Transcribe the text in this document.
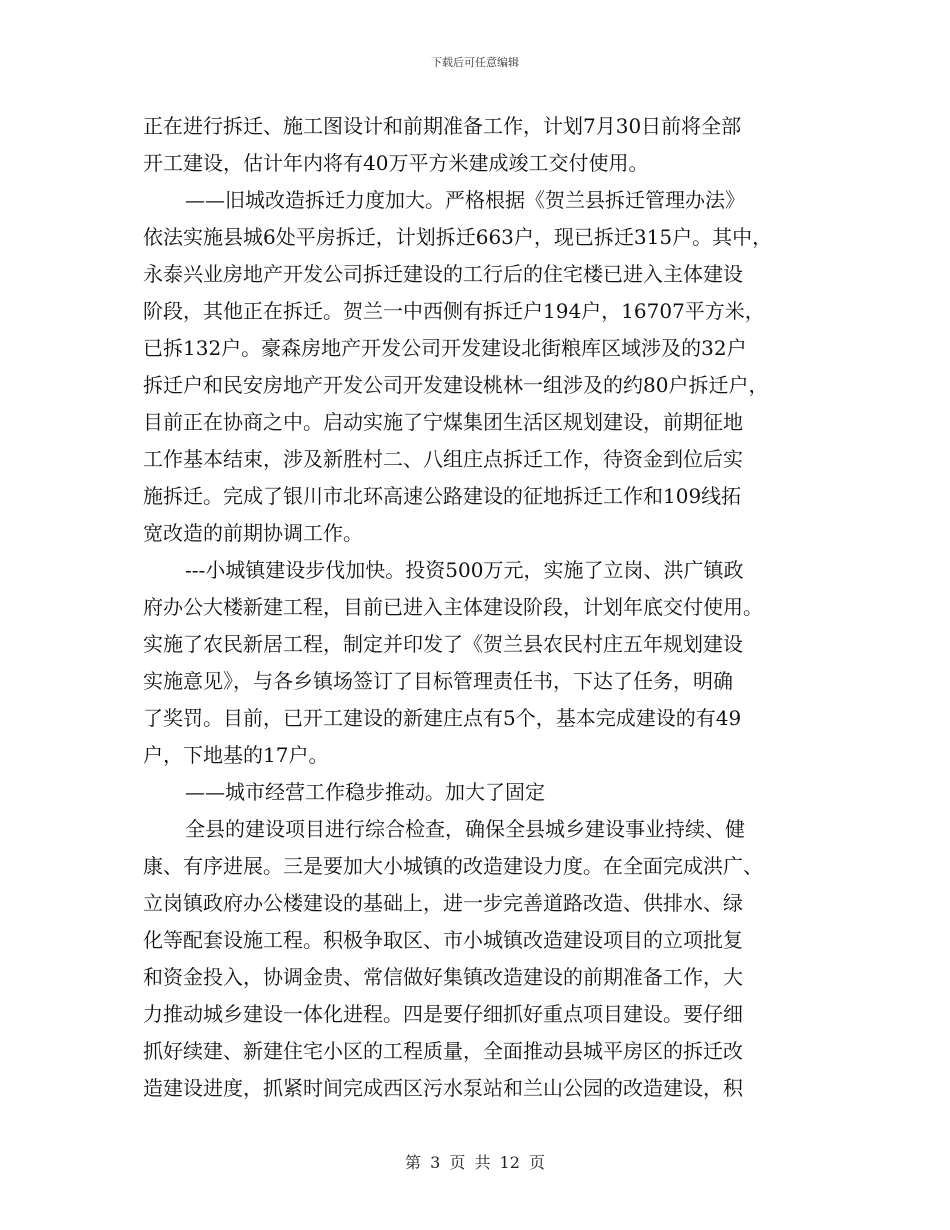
下载后可任意编辑
正在进行拆迁、施工图设计和前期准备工作，计划7月30日前将全部
开工建设，估计年内将有40万平方米建成竣工交付使用。
——旧城改造拆迁力度加大。严格根据《贺兰县拆迁管理办法》
依法实施县城6处平房拆迁，计划拆迁663户，现已拆迁315户。其中，
永泰兴业房地产开发公司拆迁建设的工行后的住宅楼已进入主体建设
阶段，其他正在拆迁。贺兰一中西侧有拆迁户194户，16707平方米，
已拆132户。豪森房地产开发公司开发建设北街粮库区域涉及的32户
拆迁户和民安房地产开发公司开发建设桃林一组涉及的约80户拆迁户，
目前正在协商之中。启动实施了宁煤集团生活区规划建设，前期征地
工作基本结束，涉及新胜村二、八组庄点拆迁工作，待资金到位后实
施拆迁。完成了银川市北环高速公路建设的征地拆迁工作和109线拓
宽改造的前期协调工作。
---小城镇建设步伐加快。投资500万元，实施了立岗、洪广镇政
府办公大楼新建工程，目前已进入主体建设阶段，计划年底交付使用。
实施了农民新居工程，制定并印发了《贺兰县农民村庄五年规划建设
实施意见》，与各乡镇场签订了目标管理责任书，下达了任务，明确
了奖罚。目前，已开工建设的新建庄点有5个，基本完成建设的有49
户，下地基的17户。
——城市经营工作稳步推动。加大了固定
全县的建设项目进行综合检查，确保全县城乡建设事业持续、健
康、有序进展。三是要加大小城镇的改造建设力度。在全面完成洪广、
立岗镇政府办公楼建设的基础上，进一步完善道路改造、供排水、绿
化等配套设施工程。积极争取区、市小城镇改造建设项目的立项批复
和资金投入，协调金贵、常信做好集镇改造建设的前期准备工作，大
力推动城乡建设一体化进程。四是要仔细抓好重点项目建设。要仔细
抓好续建、新建住宅小区的工程质量，全面推动县城平房区的拆迁改
造建设进度，抓紧时间完成西区污水泵站和兰山公园的改造建设，积
第 3 页 共 12 页
